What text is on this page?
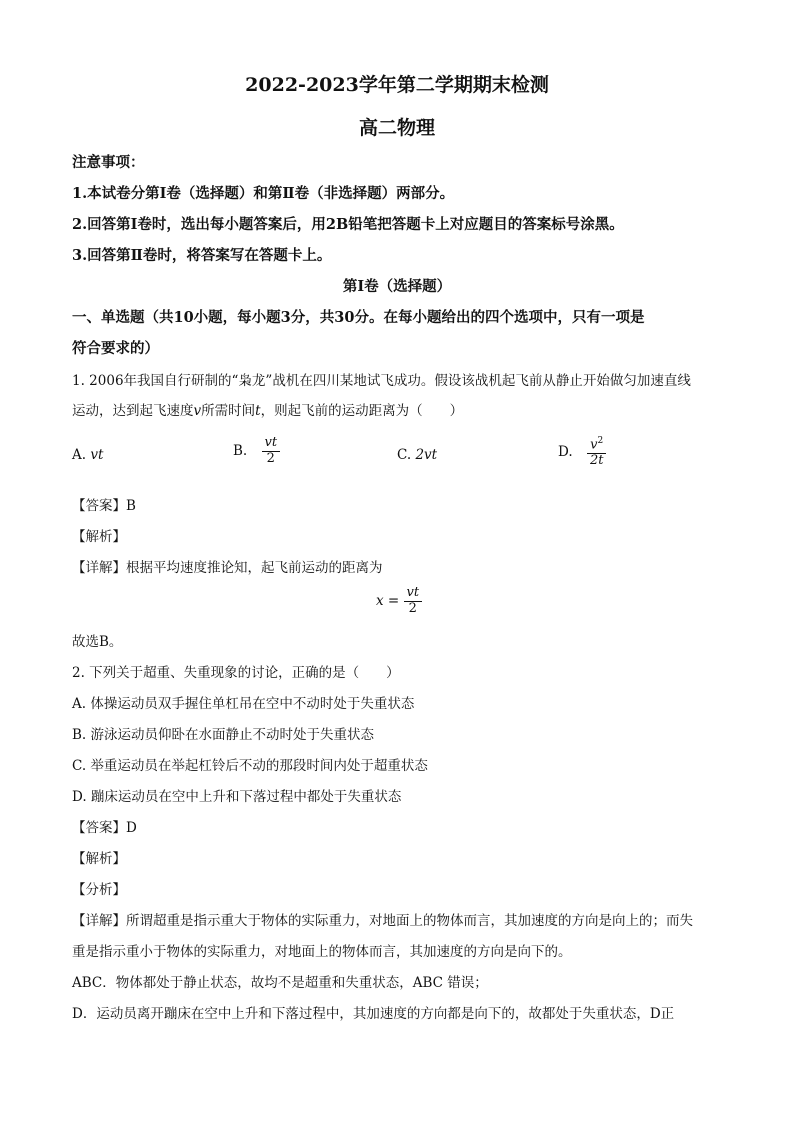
2022-2023学年第二学期期末检测
高二物理
注意事项：
1.本试卷分第Ⅰ卷（选择题）和第Ⅱ卷（非选择题）两部分。
2.回答第Ⅰ卷时，选出每小题答案后，用2B铅笔把答题卡上对应题目的答案标号涂黑。
3.回答第Ⅱ卷时，将答案写在答题卡上。
第Ⅰ卷（选择题）
一、单选题（共10小题，每小题3分，共30分。在每小题给出的四个选项中，只有一项是
符合要求的）
1. 2006年我国自行研制的“枭龙”战机在四川某地试飞成功。假设该战机起飞前从静止开始做匀加速直线
运动，达到起飞速度v所需时间t，则起飞前的运动距离为（　　）
A. vt	B. $\frac{vt}{2}$	C. 2vt	D. $\frac{v^2}{2t}$
【答案】B
【解析】
【详解】根据平均速度推论知，起飞前运动的距离为
$x = \frac{vt}{2}$
故选B。
2. 下列关于超重、失重现象的讨论，正确的是（　　）
A. 体操运动员双手握住单杠吊在空中不动时处于失重状态
B. 游泳运动员仰卧在水面静止不动时处于失重状态
C. 举重运动员在举起杠铃后不动的那段时间内处于超重状态
D. 蹦床运动员在空中上升和下落过程中都处于失重状态
【答案】D
【解析】
【分析】
【详解】所谓超重是指示重大于物体的实际重力，对地面上的物体而言，其加速度的方向是向上的；而失
重是指示重小于物体的实际重力，对地面上的物体而言，其加速度的方向是向下的。
ABC．物体都处于静止状态，故均不是超重和失重状态，ABC 错误；
D．运动员离开蹦床在空中上升和下落过程中，其加速度的方向都是向下的，故都处于失重状态，D正
